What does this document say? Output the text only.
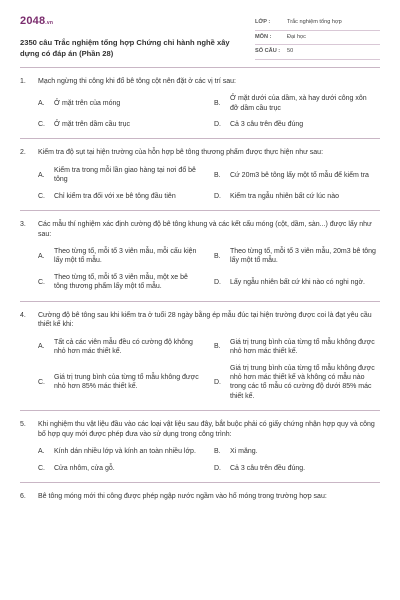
2048.vn
2350 câu Trắc nghiệm tổng hợp Chứng chỉ hành nghề xây dựng có đáp án (Phần 28)
LỚP :	Trắc nghiệm tổng hợp
MÔN :	Đại học
SỐ CÂU :	50
1.	Mạch ngừng thi công khi đổ bê tông cột nên đặt ở các vị trí sau:
A.	Ở mặt trên của móng	B.
Ở mặt dưới của dầm, xà hay dưới công xôn đỡ dầm cầu trục
C.	Ở mặt trên dầm cầu trục	D.	Cả 3 câu trên đều đúng
2.	Kiểm tra độ sụt tại hiện trường của hỗn hợp bê tông thương phẩm được thực hiện như sau:
A.
Kiểm tra trong mỗi lần giao hàng tại nơi đổ bê tông
B.	Cứ 20m3 bê tông lấy một tổ mẫu để kiểm tra
C.	Chỉ kiểm tra đối với xe bê tông đầu tiên	D.	Kiểm tra ngẫu nhiên bất cứ lúc nào
3.	Các mẫu thí nghiệm xác định cường độ bê tông khung và các kết cấu móng (cột, dầm, sàn...) được lấy như sau:
A.
Theo từng tổ, mỗi tổ 3 viên mẫu, mỗi cấu kiện lấy một tổ mẫu.
B.
Theo từng tổ, mỗi tổ 3 viên mẫu, 20m3 bê tông lấy một tổ mẫu.
C.
Theo từng tổ, mỗi tổ 3 viên mẫu, một xe bê tông thương phẩm lấy một tổ mẫu.
D.	Lấy ngẫu nhiên bất cứ khi nào có nghi ngờ.
4.	Cường độ bê tông sau khi kiểm tra ở tuổi 28 ngày bằng ép mẫu đúc tại hiện trường được coi là đạt yêu cầu thiết kế khi:
A.
Tất cả các viên mẫu đều có cường độ không nhỏ hơn mác thiết kế.
B.
Giá trị trung bình của từng tổ mẫu không được nhỏ hơn mác thiết kế.
C.
Giá trị trung bình của từng tổ mẫu không được nhỏ hơn 85% mác thiết kế.
D.
Giá trị trung bình của từng tổ mẫu không được nhỏ hơn mác thiết kế và không có mẫu nào trong các tổ mẫu có cường độ dưới 85% mác thiết kế.
5.	Khi nghiệm thu vật liệu đầu vào các loại vật liệu sau đây, bắt buộc phải có giấy chứng nhận hợp quy và công bố hợp quy mới được phép đưa vào sử dụng trong công trình:
A.	Kính dán nhiều lớp và kính an toàn nhiều lớp.	B.	Xi măng.
C.	Cửa nhôm, cửa gỗ.	D.	Cả 3 câu trên đều đúng.
6.	Bê tông móng mới thi công được phép ngập nước ngầm vào hố móng trong trường hợp sau:
